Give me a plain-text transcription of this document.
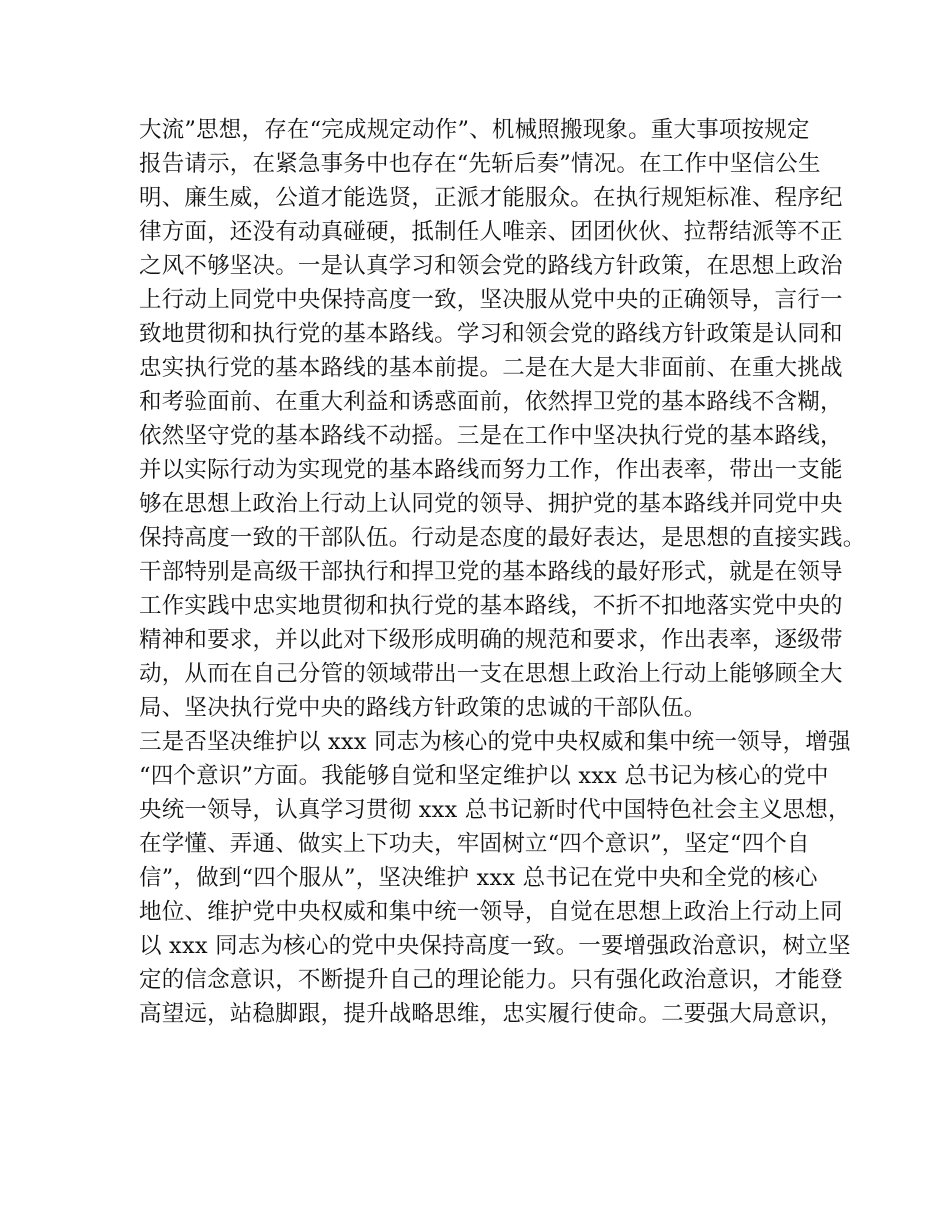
大流”思想，存在“完成规定动作”、机械照搬现象。重大事项按规定
报告请示，在紧急事务中也存在“先斩后奏”情况。在工作中坚信公生
明、廉生威，公道才能选贤，正派才能服众。在执行规矩标准、程序纪
律方面，还没有动真碰硬，抵制任人唯亲、团团伙伙、拉帮结派等不正
之风不够坚决。一是认真学习和领会党的路线方针政策，在思想上政治
上行动上同党中央保持高度一致，坚决服从党中央的正确领导，言行一
致地贯彻和执行党的基本路线。学习和领会党的路线方针政策是认同和
忠实执行党的基本路线的基本前提。二是在大是大非面前、在重大挑战
和考验面前、在重大利益和诱惑面前，依然捍卫党的基本路线不含糊，
依然坚守党的基本路线不动摇。三是在工作中坚决执行党的基本路线，
并以实际行动为实现党的基本路线而努力工作，作出表率，带出一支能
够在思想上政治上行动上认同党的领导、拥护党的基本路线并同党中央
保持高度一致的干部队伍。行动是态度的最好表达，是思想的直接实践。
干部特别是高级干部执行和捍卫党的基本路线的最好形式，就是在领导
工作实践中忠实地贯彻和执行党的基本路线，不折不扣地落实党中央的
精神和要求，并以此对下级形成明确的规范和要求，作出表率，逐级带
动，从而在自己分管的领域带出一支在思想上政治上行动上能够顾全大
局、坚决执行党中央的路线方针政策的忠诚的干部队伍。
三是否坚决维护以 xxx 同志为核心的党中央权威和集中统一领导，增强
“四个意识”方面。我能够自觉和坚定维护以 xxx 总书记为核心的党中
央统一领导，认真学习贯彻 xxx 总书记新时代中国特色社会主义思想，
在学懂、弄通、做实上下功夫，牢固树立“四个意识”，坚定“四个自
信”，做到“四个服从”，坚决维护 xxx 总书记在党中央和全党的核心
地位、维护党中央权威和集中统一领导，自觉在思想上政治上行动上同
以 xxx 同志为核心的党中央保持高度一致。一要增强政治意识，树立坚
定的信念意识，不断提升自己的理论能力。只有强化政治意识，才能登
高望远，站稳脚跟，提升战略思维，忠实履行使命。二要强大局意识，
